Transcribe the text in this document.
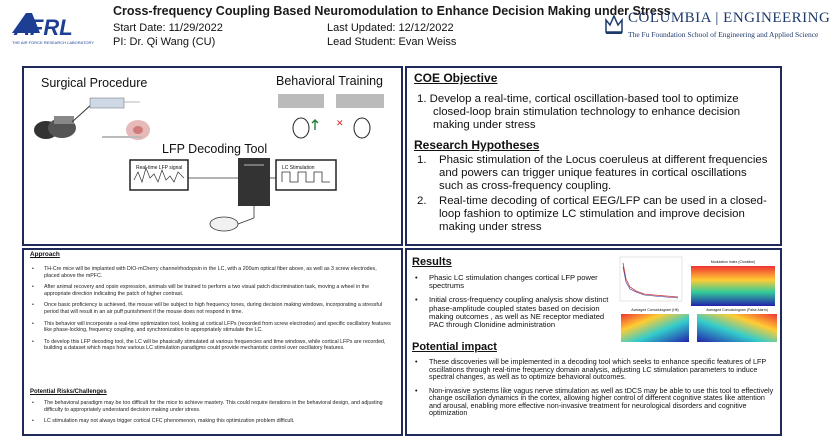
AFRL
THE AIR FORCE RESEARCH LABORATORY
Cross-frequency Coupling Based Neuromodulation to Enhance Decision Making under Stress
Start Date: 11/29/2022
PI: Dr. Qi Wang (CU)
Last Updated: 12/12/2022
Lead Student: Evan Weiss
COLUMBIA | ENGINEERING
The Fu Foundation School of Engineering and Applied Science
Surgical Procedure	Behavioral Training
LFP Decoding Tool
✕
Real-time LFP signal	LC Stimulation
COE Objective
1. Develop a real-time, cortical oscillation-based tool to optimize closed-loop brain stimulation technology to enhance decision making under stress
Research Hypotheses
1.	Phasic stimulation of the Locus coeruleus at different frequencies and powers can trigger unique features in cortical oscillations such as cross-frequency coupling.
2.	Real-time decoding of cortical EEG/LFP can be used in a closed-loop fashion to optimize LC stimulation and improve decision making under stress
Approach
•	TH-Cre mice will be implanted with DIO-mCherry channelrhodopsin in the LC, with a 200um optical fiber above, as well as 3 screw electrodes, placed above the mPFC.
•	After animal recovery and opsin expression, animals will be trained to perform a two visual patch discrimination task, moving a wheel in the appropriate direction indicating the patch of higher contrast.
•	Once basic proficiency is achieved, the mouse will be subject to high frequency tones, during decision making windows, incorporating a stressful period that will result in an air puff punishment if the mouse does not respond in time.
•	This behavior will incorporate a real-time optimization tool, looking at cortical LFPs (recorded from screw electrodes) and specific oscillatory features like phase-locking, frequency coupling, and synchronization to appropriately stimulate the LC.
•	To develop this LFP decoding tool, the LC will be phasically stimulated at various frequencies and time windows, while cortical LFPs are recorded, building a dataset which maps how various LC stimulation paradigms could provide mechanistic control over oscillatory features.
Potential Risks/Challenges
•	The behavioral paradigm may be too difficult for the mice to achieve mastery. This could require iterations in the behavioral design, and adjusting difficulty to appropriately understand decision making under stress.
•	LC stimulation may not always trigger cortical CFC phenomenon, making this optimization problem difficult.
Results
•	Phasic LC stimulation changes cortical LFP power spectrums
•	Initial cross-frequency coupling analysis show distinct phase-amplitude coupled states based on decision making outcomes , as well as NE receptor mediated PAC through Clonidine administration
Modulation Index (Clonidine)
Averaged Comodulogram (Hit)	Averaged Comodulogram (False Alarm)
Potential impact
•	These discoveries will be implemented in a decoding tool which seeks to enhance specific features of LFP oscillations through real-time frequency domain analysis, adjusting LC stimulation parameters to induce spectral changes, as well as to optimize behavioral outcomes.
•	Non-invasive systems like vagus nerve stimulation as well as tDCS may be able to use this tool to effectively change oscillation dynamics in the cortex, allowing higher control of different cognitive states like attention and arousal, enabling more effective non-invasive treatment for neurological disorders and cognitive optimization
